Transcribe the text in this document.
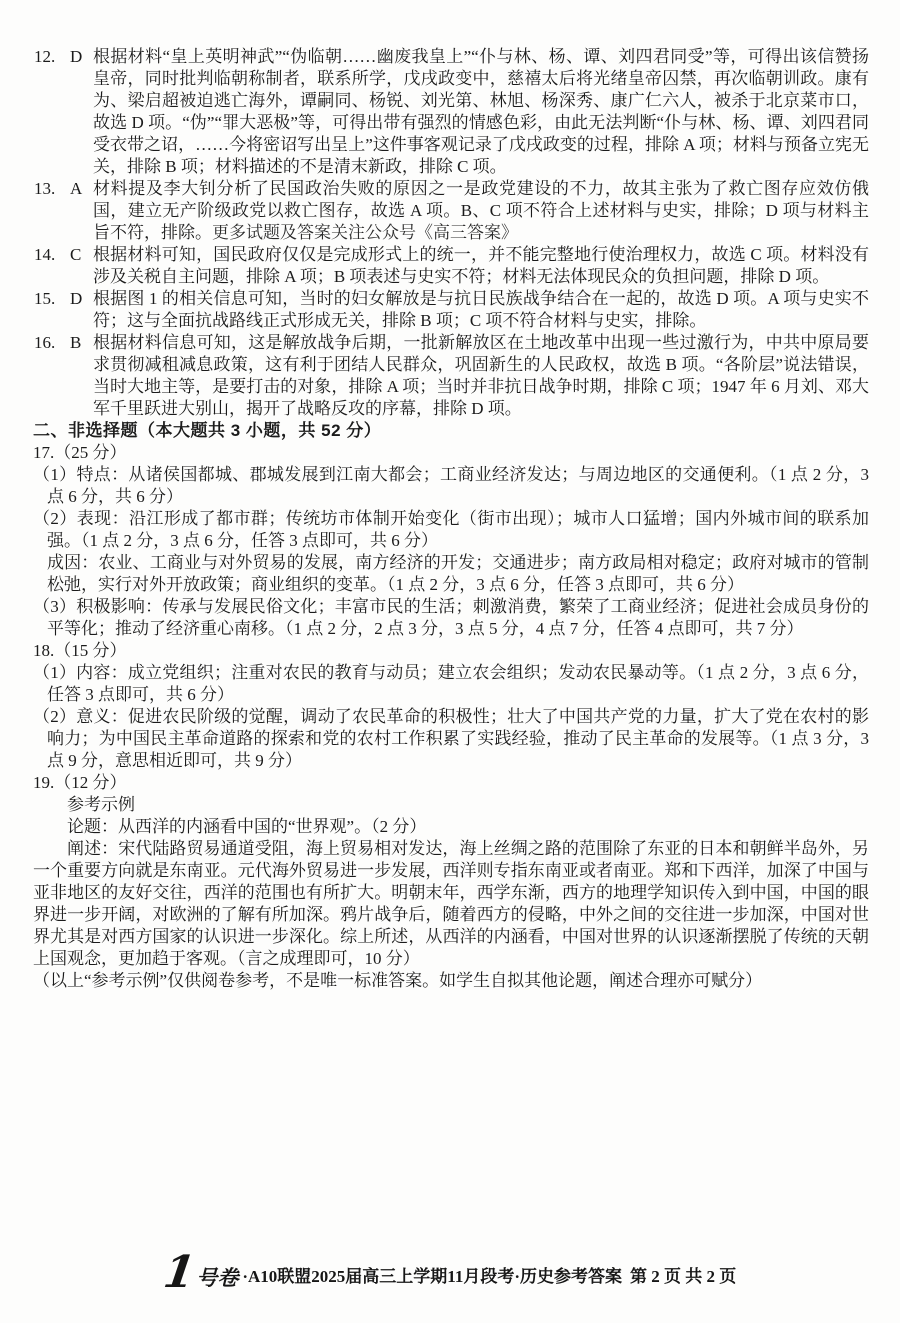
12. D 根据材料“皇上英明神武”“伪临朝……幽废我皇上”“仆与林、杨、谭、刘四君同受”等，可得出该信赞扬皇帝，同时批判临朝称制者，联系所学，戊戌政变中，慈禧太后将光绪皇帝囚禁，再次临朝训政。康有为、梁启超被迫逃亡海外，谭嗣同、杨锐、刘光第、林旭、杨深秀、康广仁六人，被杀于北京菜市口，故选 D 项。“伪”“罪大恶极”等，可得出带有强烈的情感色彩，由此无法判断“仆与林、杨、谭、刘四君同受衣带之诏，……今将密诏写出呈上”这件事客观记录了戊戌政变的过程，排除 A 项；材料与预备立宪无关，排除 B 项；材料描述的不是清末新政，排除 C 项。
13. A 材料提及李大钊分析了民国政治失败的原因之一是政党建设的不力，故其主张为了救亡图存应效仿俄国，建立无产阶级政党以救亡图存，故选 A 项。B、C 项不符合上述材料与史实，排除；D 项与材料主旨不符，排除。更多试题及答案关注公众号《高三答案》
14. C 根据材料可知，国民政府仅仅是完成形式上的统一，并不能完整地行使治理权力，故选 C 项。材料没有涉及关税自主问题，排除 A 项；B 项表述与史实不符；材料无法体现民众的负担问题，排除 D 项。
15. D 根据图 1 的相关信息可知，当时的妇女解放是与抗日民族战争结合在一起的，故选 D 项。A 项与史实不符；这与全面抗战路线正式形成无关，排除 B 项；C 项不符合材料与史实，排除。
16. B 根据材料信息可知，这是解放战争后期，一批新解放区在土地改革中出现一些过激行为，中共中原局要求贯彻减租减息政策，这有利于团结人民群众，巩固新生的人民政权，故选 B 项。“各阶层”说法错误，当时大地主等，是要打击的对象，排除 A 项；当时并非抗日战争时期，排除 C 项；1947 年 6 月刘、邓大军千里跃进大别山，揭开了战略反攻的序幕，排除 D 项。
二、非选择题（本大题共 3 小题，共 52 分）
17.（25 分）

（1）特点：从诸侯国都城、郡城发展到江南大都会；工商业经济发达；与周边地区的交通便利。（1 点 2 分，3 点 6 分，共 6 分）

（2）表现：沿江形成了都市群；传统坊市体制开始变化（街市出现）；城市人口猛增；国内外城市间的联系加强。（1 点 2 分，3 点 6 分，任答 3 点即可，共 6 分）

成因：农业、工商业与对外贸易的发展，南方经济的开发；交通进步；南方政局相对稳定；政府对城市的管制松弛，实行对外开放政策；商业组织的变革。（1 点 2 分，3 点 6 分，任答 3 点即可，共 6 分）

（3）积极影响：传承与发展民俗文化；丰富市民的生活；刺激消费，繁荣了工商业经济；促进社会成员身份的平等化；推动了经济重心南移。（1 点 2 分，2 点 3 分，3 点 5 分，4 点 7 分，任答 4 点即可，共 7 分）

18.（15 分）

（1）内容：成立党组织；注重对农民的教育与动员；建立农会组织；发动农民暴动等。（1 点 2 分，3 点 6 分，任答 3 点即可，共 6 分）

（2）意义：促进农民阶级的觉醒，调动了农民革命的积极性；壮大了中国共产党的力量，扩大了党在农村的影响力；为中国民主革命道路的探索和党的农村工作积累了实践经验，推动了民主革命的发展等。（1 点 3 分，3 点 9 分，意思相近即可，共 9 分）

19.（12 分）

参考示例

论题：从西洋的内涵看中国的“世界观”。（2 分）

阐述：宋代陆路贸易通道受阻，海上贸易相对发达，海上丝绸之路的范围除了东亚的日本和朝鲜半岛外，另一个重要方向就是东南亚。元代海外贸易进一步发展，西洋则专指东南亚或者南亚。郑和下西洋，加深了中国与亚非地区的友好交往，西洋的范围也有所扩大。明朝末年，西学东渐，西方的地理学知识传入到中国，中国的眼界进一步开阔，对欧洲的了解有所加深。鸦片战争后，随着西方的侵略，中外之间的交往进一步加深，中国对世界尤其是对西方国家的认识进一步深化。综上所述，从西洋的内涵看，中国对世界的认识逐渐摆脱了传统的天朝上国观念，更加趋于客观。（言之成理即可，10 分）

（以上“参考示例”仅供阅卷参考，不是唯一标准答案。如学生自拟其他论题，阐述合理亦可赋分）

1
号卷 ·A10联盟2025届高三上学期11月段考·历史参考答案 第 2 页 共 2 页
